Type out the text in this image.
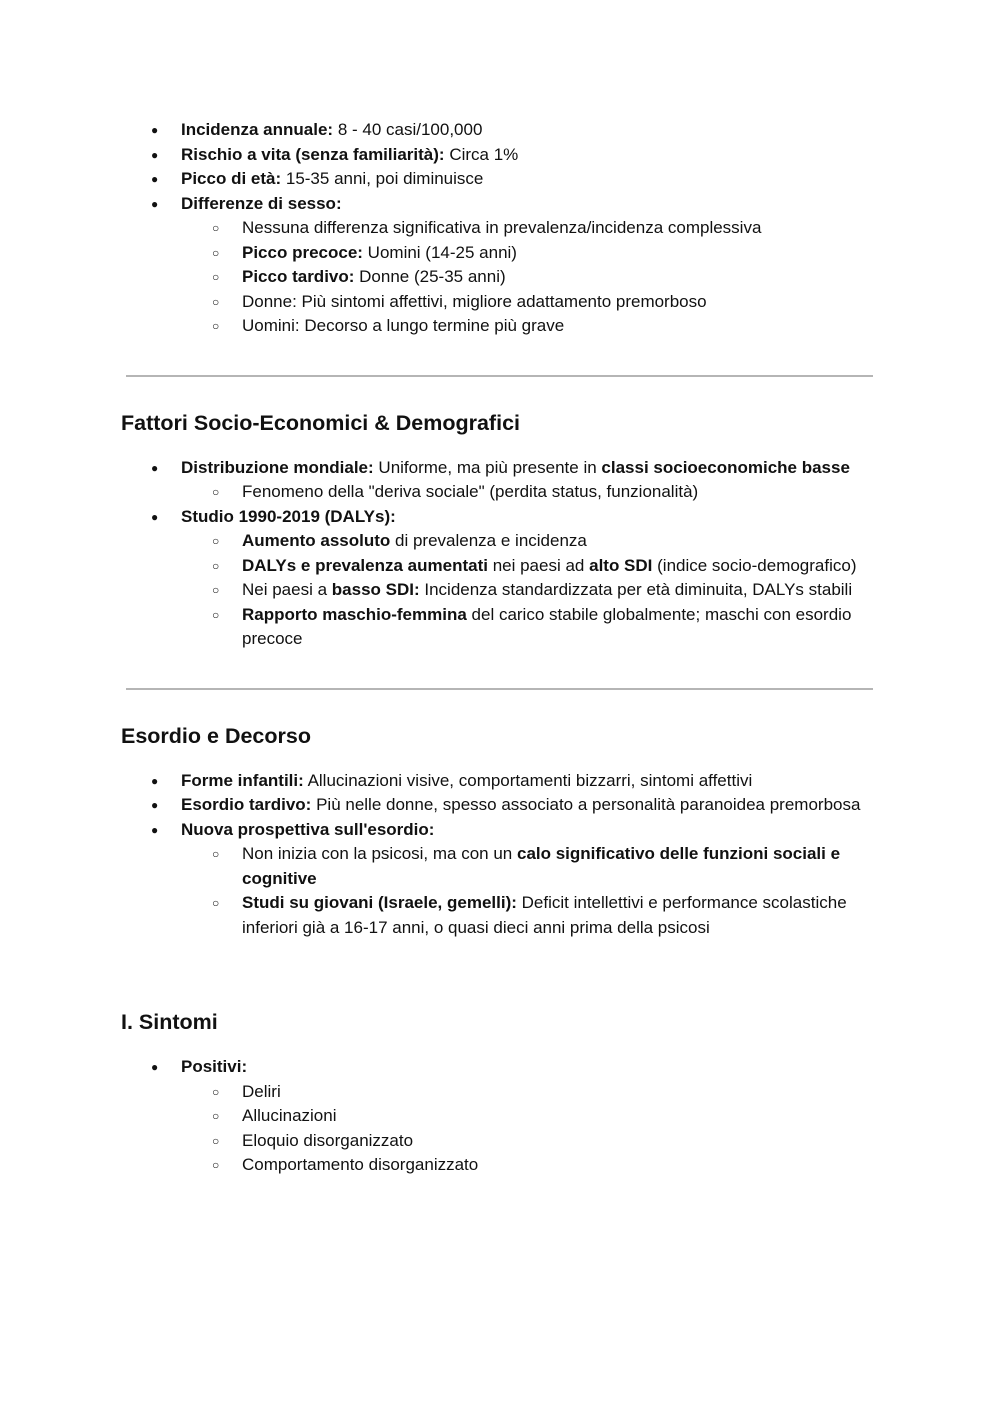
● Incidenza annuale: 8 - 40 casi/100,000
● Rischio a vita (senza familiarità): Circa 1%
● Picco di età: 15-35 anni, poi diminuisce
● Differenze di sesso:
○ Nessuna differenza significativa in prevalenza/incidenza complessiva
○ Picco precoce: Uomini (14-25 anni)
○ Picco tardivo: Donne (25-35 anni)
○ Donne: Più sintomi affettivi, migliore adattamento premorboso
○ Uomini: Decorso a lungo termine più grave
Fattori Socio-Economici & Demografici
● Distribuzione mondiale: Uniforme, ma più presente in classi socioeconomiche basse
○ Fenomeno della "deriva sociale" (perdita status, funzionalità)
● Studio 1990-2019 (DALYs):
○ Aumento assoluto di prevalenza e incidenza
○ DALYs e prevalenza aumentati nei paesi ad alto SDI (indice socio-demografico)
○ Nei paesi a basso SDI: Incidenza standardizzata per età diminuita, DALYs stabili
○ Rapporto maschio-femmina del carico stabile globalmente; maschi con esordio precoce
Esordio e Decorso
● Forme infantili: Allucinazioni visive, comportamenti bizzarri, sintomi affettivi
● Esordio tardivo: Più nelle donne, spesso associato a personalità paranoidea premorbosa
● Nuova prospettiva sull'esordio:
○ Non inizia con la psicosi, ma con un calo significativo delle funzioni sociali e cognitive
○ Studi su giovani (Israele, gemelli): Deficit intellettivi e performance scolastiche inferiori già a 16-17 anni, o quasi dieci anni prima della psicosi
I. Sintomi
● Positivi:
○ Deliri
○ Allucinazioni
○ Eloquio disorganizzato
○ Comportamento disorganizzato
